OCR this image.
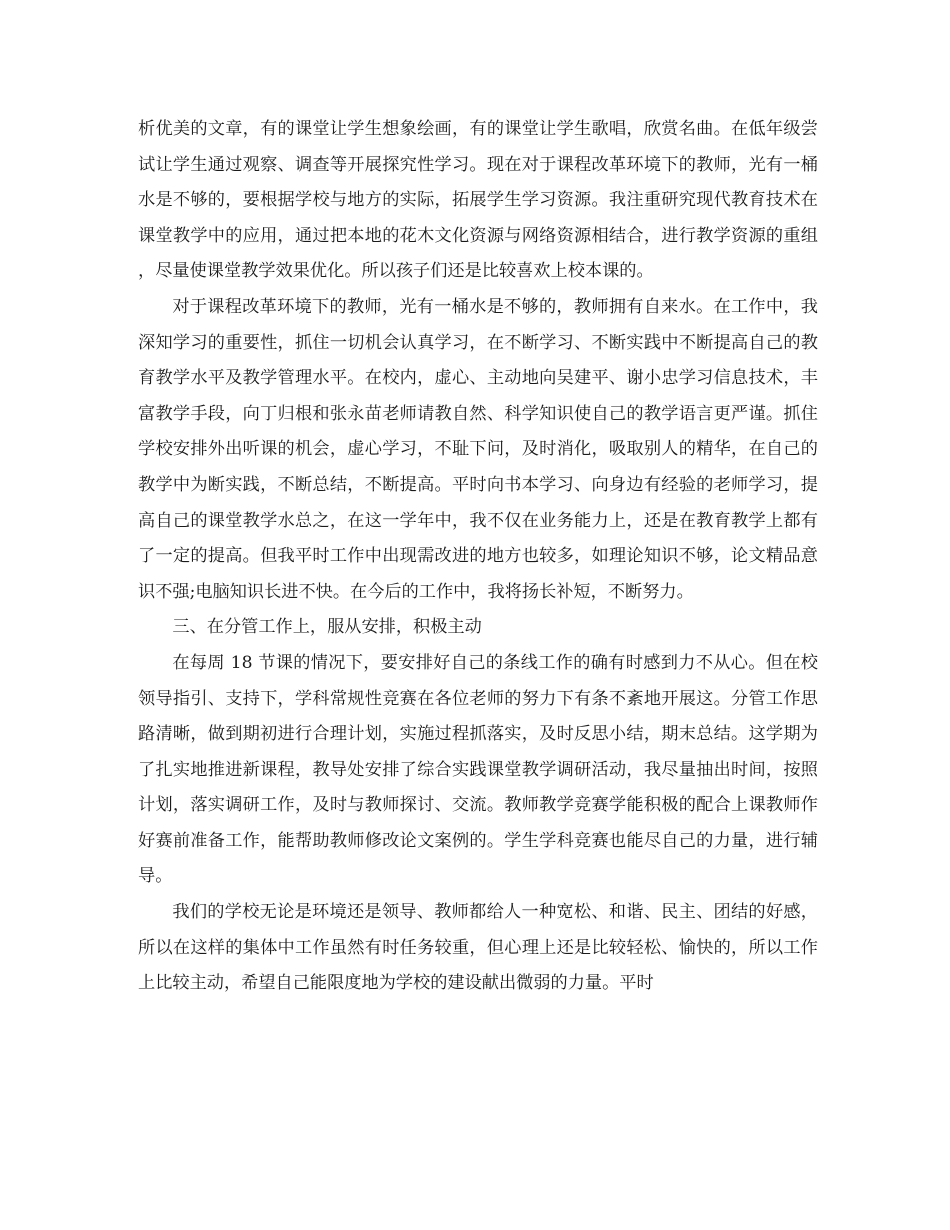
析优美的文章，有的课堂让学生想象绘画，有的课堂让学生歌唱，欣赏名曲。在低年级尝试让学生通过观察、调查等开展探究性学习。现在对于课程改革环境下的教师，光有一桶水是不够的，要根据学校与地方的实际，拓展学生学习资源。我注重研究现代教育技术在课堂教学中的应用，通过把本地的花木文化资源与网络资源相结合，进行教学资源的重组，尽量使课堂教学效果优化。所以孩子们还是比较喜欢上校本课的。

对于课程改革环境下的教师，光有一桶水是不够的，教师拥有自来水。在工作中，我深知学习的重要性，抓住一切机会认真学习，在不断学习、不断实践中不断提高自己的教育教学水平及教学管理水平。在校内，虚心、主动地向吴建平、谢小忠学习信息技术，丰富教学手段，向丁归根和张永苗老师请教自然、科学知识使自己的教学语言更严谨。抓住学校安排外出听课的机会，虚心学习，不耻下问，及时消化，吸取别人的精华，在自己的教学中为断实践，不断总结，不断提高。平时向书本学习、向身边有经验的老师学习，提高自己的课堂教学水总之，在这一学年中，我不仅在业务能力上，还是在教育教学上都有了一定的提高。但我平时工作中出现需改进的地方也较多，如理论知识不够，论文精品意识不强;电脑知识长进不快。在今后的工作中，我将扬长补短，不断努力。

三、在分管工作上，服从安排，积极主动

在每周 18 节课的情况下，要安排好自己的条线工作的确有时感到力不从心。但在校领导指引、支持下，学科常规性竞赛在各位老师的努力下有条不紊地开展这。分管工作思路清晰，做到期初进行合理计划，实施过程抓落实，及时反思小结，期末总结。这学期为了扎实地推进新课程，教导处安排了综合实践课堂教学调研活动，我尽量抽出时间，按照计划，落实调研工作，及时与教师探讨、交流。教师教学竞赛学能积极的配合上课教师作好赛前准备工作，能帮助教师修改论文案例的。学生学科竞赛也能尽自己的力量，进行辅导。

我们的学校无论是环境还是领导、教师都给人一种宽松、和谐、民主、团结的好感，所以在这样的集体中工作虽然有时任务较重，但心理上还是比较轻松、愉快的，所以工作上比较主动，希望自己能限度地为学校的建设献出微弱的力量。平时
